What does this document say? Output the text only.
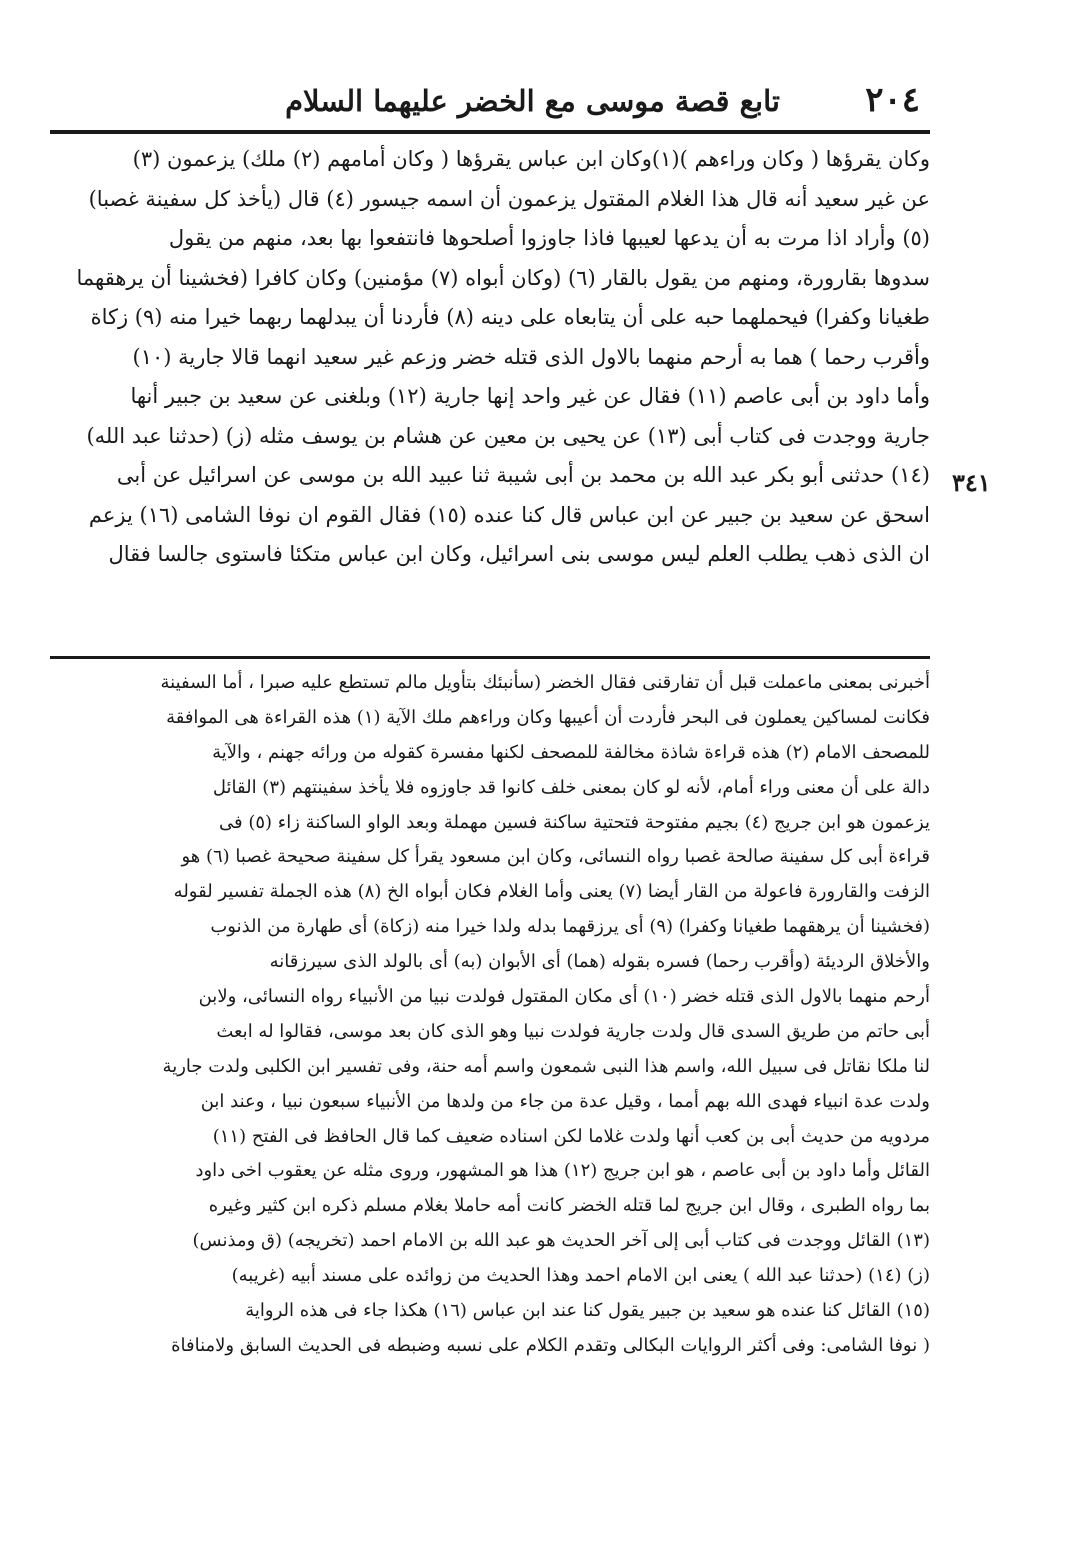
٢٠٤
تابع قصة موسى مع الخضر عليهما السلام
وكان يقرؤها ( وكان وراءهم )(١)وكان ابن عباس يقرؤها ( وكان أمامهم (٢) ملك) يزعمون (٣)
عن غير سعيد أنه قال هذا الغلام المقتول يزعمون أن اسمه جيسور (٤) قال (يأخذ كل سفينة غصبا)
(٥) وأراد اذا مرت به أن يدعها لعيبها فاذا جاوزوا أصلحوها فانتفعوا بها بعد، منهم من يقول
سدوها بقارورة، ومنهم من يقول بالقار (٦) (وكان أبواه (٧) مؤمنين) وكان كافرا (فخشينا أن يرهقهما
طغيانا وكفرا) فيحملهما حبه على أن يتابعاه على دينه (٨) فأردنا أن يبدلهما ربهما خيرا منه (٩) زكاة
وأقرب رحما ) هما به أرحم منهما بالاول الذى قتله خضر وزعم غير سعيد انهما قالا جارية (١٠)
وأما داود بن أبى عاصم (١١) فقال عن غير واحد إنها جارية (١٢) وبلغنى عن سعيد بن جبير أنها
جارية ووجدت فى كتاب أبى (١٣) عن يحيى بن معين عن هشام بن يوسف مثله (ز) (حدثنا عبد الله)
(١٤) حدثنى أبو بكر عبد الله بن محمد بن أبى شيبة ثنا عبيد الله بن موسى عن اسرائيل عن أبى
اسحق عن سعيد بن جبير عن ابن عباس قال كنا عنده (١٥) فقال القوم ان نوفا الشامى (١٦) يزعم
ان الذى ذهب يطلب العلم ليس موسى بنى اسرائيل، وكان ابن عباس متكئا فاستوى جالسا فقال
٣٤١
أخبرنى بمعنى ماعملت قبل أن تفارقنى فقال الخضر (سأنبئك بتأويل مالم تستطع عليه صبرا ، أما السفينة
فكانت لمساكين يعملون فى البحر فأردت أن أعيبها وكان وراءهم ملك الآية (١) هذه القراءة هى الموافقة
للمصحف الامام (٢) هذه قراءة شاذة مخالفة للمصحف لكنها مفسرة كقوله من ورائه جهنم ، والآية
دالة على أن معنى وراء أمام، لأنه لو كان بمعنى خلف كانوا قد جاوزوه فلا يأخذ سفينتهم (٣) القائل
يزعمون هو ابن جريج (٤) بجيم مفتوحة فتحتية ساكنة فسين مهملة وبعد الواو الساكنة زاء (٥) فى
قراءة أبى كل سفينة صالحة غصبا رواه النسائى، وكان ابن مسعود يقرأ كل سفينة صحيحة غصبا (٦) هو
الزفت والقارورة فاعولة من القار أيضا (٧) يعنى وأما الغلام فكان أبواه الخ (٨) هذه الجملة تفسير لقوله
(فخشينا أن يرهقهما طغيانا وكفرا) (٩) أى يرزقهما بدله ولدا خيرا منه (زكاة) أى طهارة من الذنوب
والأخلاق الرديئة (وأقرب رحما) فسره بقوله (هما) أى الأبوان (به) أى بالولد الذى سيرزقانه
أرحم منهما بالاول الذى قتله خضر (١٠) أى مكان المقتول فولدت نبيا من الأنبياء رواه النسائى، ولابن
أبى حاتم من طريق السدى قال ولدت جارية فولدت نبيا وهو الذى كان بعد موسى، فقالوا له ابعث
لنا ملكا نقاتل فى سبيل الله، واسم هذا النبى شمعون واسم أمه حنة، وفى تفسير ابن الكلبى ولدت جارية
ولدت عدة انبياء فهدى الله بهم أمما ، وقيل عدة من جاء من ولدها من الأنبياء سبعون نبيا ، وعند ابن
مردويه من حديث أبى بن كعب أنها ولدت غلاما لكن اسناده ضعيف كما قال الحافظ فى الفتح (١١)
القائل وأما داود بن أبى عاصم ، هو ابن جريج (١٢) هذا هو المشهور، وروى مثله عن يعقوب اخى داود
بما رواه الطبرى ، وقال ابن جريج لما قتله الخضر كانت أمه حاملا بغلام مسلم ذكره ابن كثير وغيره
(١٣) القائل ووجدت فى كتاب أبى إلى آخر الحديث هو عبد الله بن الامام احمد (تخريجه) (ق ومذنس)
(ز) (١٤) (حدثنا عبد الله ) يعنى ابن الامام احمد وهذا الحديث من زوائده على مسند أبيه (غريبه)
(١٥) القائل كنا عنده هو سعيد بن جبير يقول كنا عند ابن عباس (١٦) هكذا جاء فى هذه الرواية
( نوفا الشامى: وفى أكثر الروايات البكالى وتقدم الكلام على نسبه وضبطه فى الحديث السابق ولامنافاة
